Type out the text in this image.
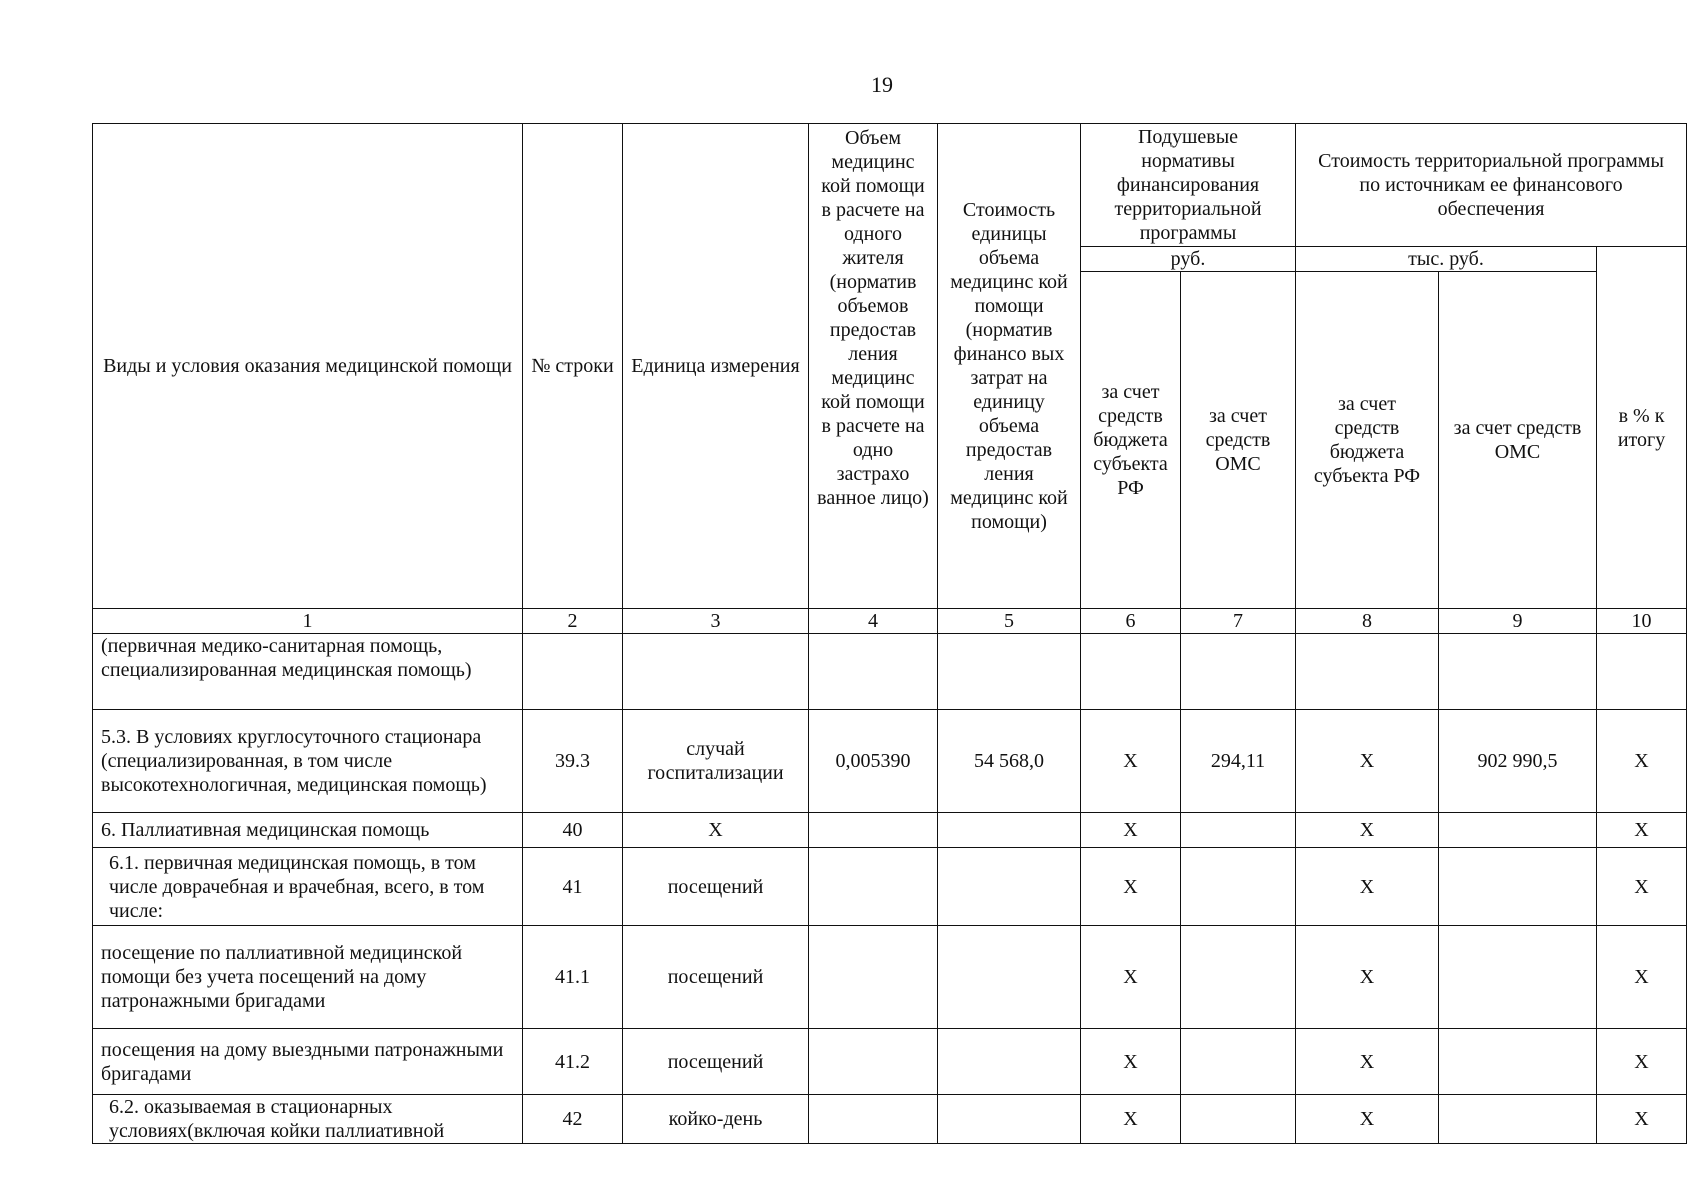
19
Виды и условия оказания медицинской помощи	№ строки	Единица измерения	Объем медицинс кой помощи в расчете на одного жителя (норматив объемов предостав ления медицинс кой помощи в расчете на одно застрахо ванное лицо)	Стоимость единицы объема медицинс кой помощи (норматив финансо вых затрат на единицу объема предостав ления медицинс кой помощи)	Подушевые нормативы финансирования территориальной программы		Стоимость территориальной программы по источникам ее финансового обеспечения		
					руб.		тыс. руб.		в % к итогу
					за счет средств бюджета субъекта РФ	за счет средств ОМС	за счет средств бюджета субъекта РФ	за счет средств ОМС	
1	2	3	4	5	6	7	8	9	10
(первичная медико-санитарная помощь, специализированная медицинская помощь)									
5.3. В условиях круглосуточного стационара (специализированная, в том числе высокотехнологичная, медицинская помощь)	39.3	случай госпитализации	0,005390	54 568,0	X	294,11	X	902 990,5	X
6. Паллиативная медицинская помощь	40	X			X		X		X
6.1. первичная медицинская помощь, в том числе доврачебная и врачебная, всего, в том числе:	41	посещений			X		X		X
посещение по паллиативной медицинской помощи без учета посещений на дому патронажными бригадами	41.1	посещений			X		X		X
посещения на дому выездными патронажными бригадами	41.2	посещений			X		X		X
6.2. оказываемая в стационарных условиях(включая койки паллиативной	42	койко-день			X		X		X
